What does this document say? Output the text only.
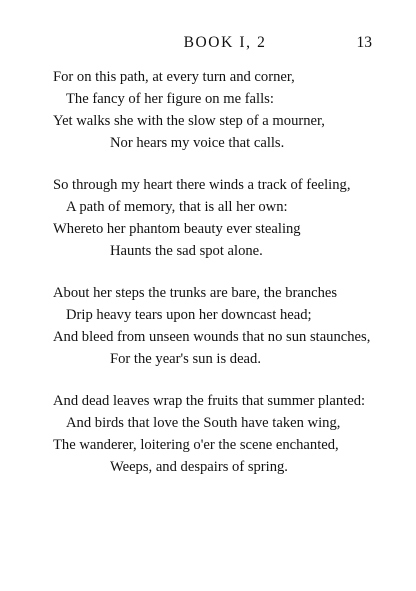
BOOK I, 2	13
For on this path, at every turn and corner,
The fancy of her figure on me falls:
Yet walks she with the slow step of a mourner,
Nor hears my voice that calls.
So through my heart there winds a track of feeling,
A path of memory, that is all her own:
Whereto her phantom beauty ever stealing
Haunts the sad spot alone.
About her steps the trunks are bare, the branches
Drip heavy tears upon her downcast head;
And bleed from unseen wounds that no sun staunches,
For the year's sun is dead.
And dead leaves wrap the fruits that summer planted:
And birds that love the South have taken wing,
The wanderer, loitering o'er the scene enchanted,
Weeps, and despairs of spring.
